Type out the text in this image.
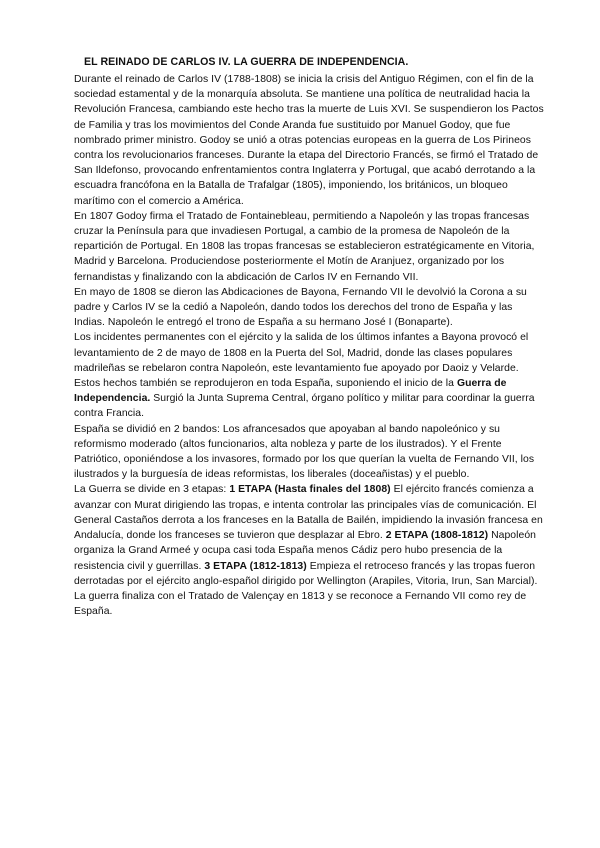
EL REINADO DE CARLOS IV. LA GUERRA DE INDEPENDENCIA.

Durante el reinado de Carlos IV (1788-1808) se inicia la crisis del Antiguo Régimen, con el fin de la sociedad estamental y de la monarquía absoluta. Se mantiene una política de neutralidad hacia la Revolución Francesa, cambiando este hecho tras la muerte de Luis XVI. Se suspendieron los Pactos de Familia y tras los movimientos del Conde Aranda fue sustituido por Manuel Godoy, que fue nombrado primer ministro. Godoy se unió a otras potencias europeas en la guerra de Los Pirineos contra los revolucionarios franceses. Durante la etapa del Directorio Francés, se firmó el Tratado de San Ildefonso, provocando enfrentamientos contra Inglaterra y Portugal, que acabó derrotando a la escuadra francófona en la Batalla de Trafalgar (1805), imponiendo, los británicos, un bloqueo marítimo con el comercio a América.

En 1807 Godoy firma el Tratado de Fontainebleau, permitiendo a Napoleón y las tropas francesas cruzar la Península para que invadiesen Portugal, a cambio de la promesa de Napoleón de la repartición de Portugal. En 1808 las tropas francesas se establecieron estratégicamente en Vitoria, Madrid y Barcelona. Produciendose posteriormente el Motín de Aranjuez, organizado por los fernandistas y finalizando con la abdicación de Carlos IV en Fernando VII.

En mayo de 1808 se dieron las Abdicaciones de Bayona, Fernando VII le devolvió la Corona a su padre y Carlos IV se la cedió a Napoleón, dando todos los derechos del trono de España y las Indias. Napoleón le entregó el trono de España a su hermano José I (Bonaparte).

Los incidentes permanentes con el ejército y la salida de los últimos infantes a Bayona provocó el levantamiento de 2 de mayo de 1808 en la Puerta del Sol, Madrid, donde las clases populares madrileñas se rebelaron contra Napoleón, este levantamiento fue apoyado por Daoiz y Velarde. Estos hechos también se reprodujeron en toda España, suponiendo el inicio de la Guerra de Independencia. Surgió la Junta Suprema Central, órgano político y militar para coordinar la guerra contra Francia.

España se dividió en 2 bandos: Los afrancesados que apoyaban al bando napoleónico y su reformismo moderado (altos funcionarios, alta nobleza y parte de los ilustrados). Y el Frente Patriótico, oponiéndose a los invasores, formado por los que querían la vuelta de Fernando VII, los ilustrados y la burguesía de ideas reformistas, los liberales (doceañistas) y el pueblo.

La Guerra se divide en 3 etapas: 1 ETAPA (Hasta finales del 1808) El ejército francés comienza a avanzar con Murat dirigiendo las tropas, e intenta controlar las principales vías de comunicación. El General Castaños derrota a los franceses en la Batalla de Bailén, impidiendo la invasión francesa en Andalucía, donde los franceses se tuvieron que desplazar al Ebro. 2 ETAPA (1808-1812) Napoleón organiza la Grand Armeé y ocupa casi toda España menos Cádiz pero hubo presencia de la resistencia civil y guerrillas. 3 ETAPA (1812-1813) Empieza el retroceso francés y las tropas fueron derrotadas por el ejército anglo-español dirigido por Wellington (Arapiles, Vitoria, Irun, San Marcial). La guerra finaliza con el Tratado de Valençay en 1813 y se reconoce a Fernando VII como rey de España.
